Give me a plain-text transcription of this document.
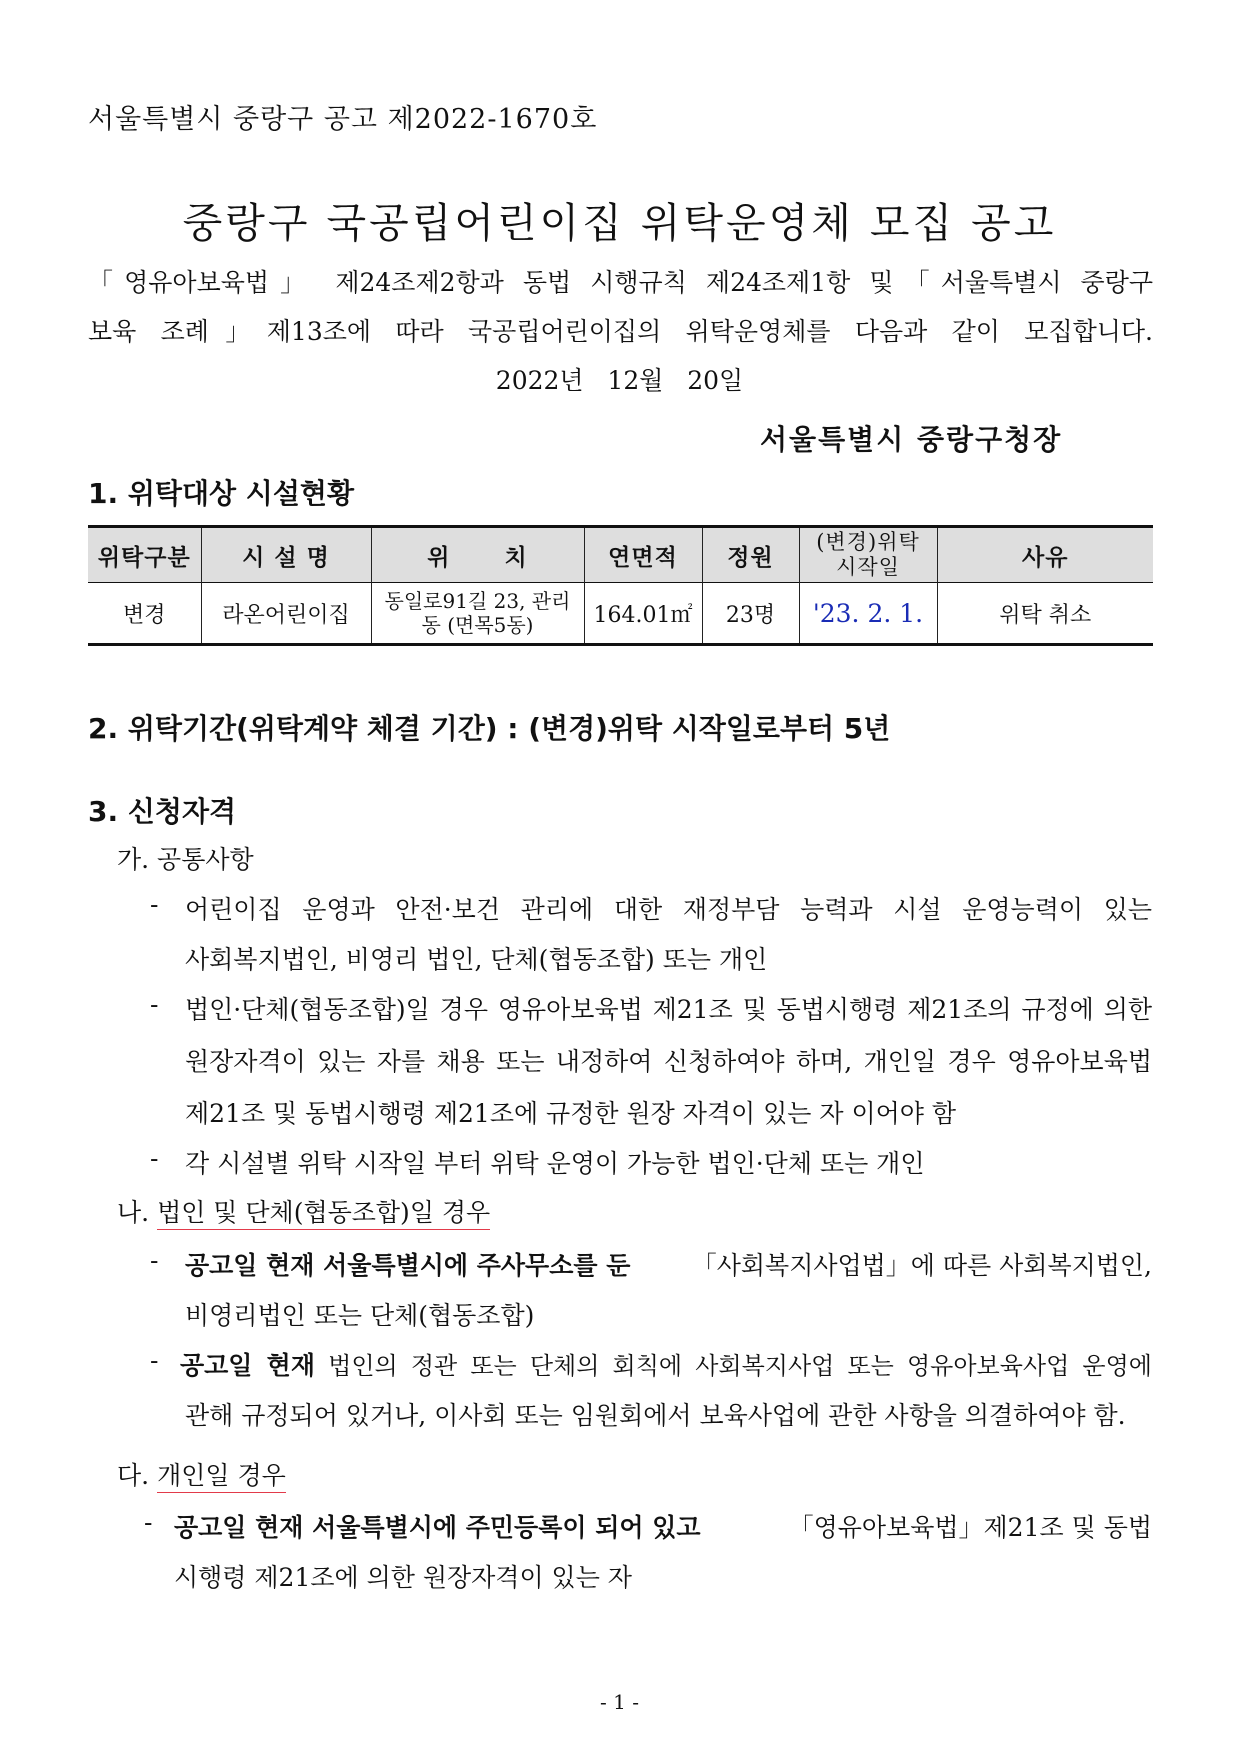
서울특별시 중랑구 공고 제2022-1670호
중랑구 국공립어린이집 위탁운영체 모집 공고
「영유아보육법」 제24조제2항과 동법 시행규칙 제24조제1항 및「서울특별시 중랑구
보육 조례」제13조에 따라 국공립어린이집의 위탁운영체를 다음과 같이 모집합니다.
2022년   12월   20일
서울특별시 중랑구청장
1. 위탁대상 시설현황
위탁구분	시 설 명	위      치	연면적	정원	(변경)위탁 시작일	사유
변경	라온어린이집	동일로91길 23, 관리동 (면목5동)	164.01㎡	23명	'23. 2. 1.	위탁 취소
2. 위탁기간(위탁계약 체결 기간) : (변경)위탁 시작일로부터 5년
3. 신청자격
가. 공통사항
-	어린이집 운영과 안전·보건 관리에 대한 재정부담 능력과 시설 운영능력이 있는
사회복지법인, 비영리 법인, 단체(협동조합) 또는 개인
-	법인·단체(협동조합)일 경우 영유아보육법 제21조 및 동법시행령 제21조의 규정에 의한
원장자격이 있는 자를 채용 또는 내정하여 신청하여야 하며, 개인일 경우 영유아보육법
제21조 및 동법시행령 제21조에 규정한 원장 자격이 있는 자 이어야 함
-	각 시설별 위탁 시작일 부터 위탁 운영이 가능한 법인·단체 또는 개인
나. 법인 및 단체(협동조합)일 경우
- 공고일 현재 서울특별시에 주사무소를 둔 「사회복지사업법」에 따른 사회복지법인,
비영리법인 또는 단체(협동조합)
- 공고일 현재 법인의 정관 또는 단체의 회칙에 사회복지사업 또는 영유아보육사업 운영에
관해 규정되어 있거나, 이사회 또는 임원회에서 보육사업에 관한 사항을 의결하여야 함.
다. 개인일 경우
- 공고일 현재 서울특별시에 주민등록이 되어 있고	「영유아보육법」제21조 및 동법
시행령 제21조에 의한 원장자격이 있는 자
- 1 -
